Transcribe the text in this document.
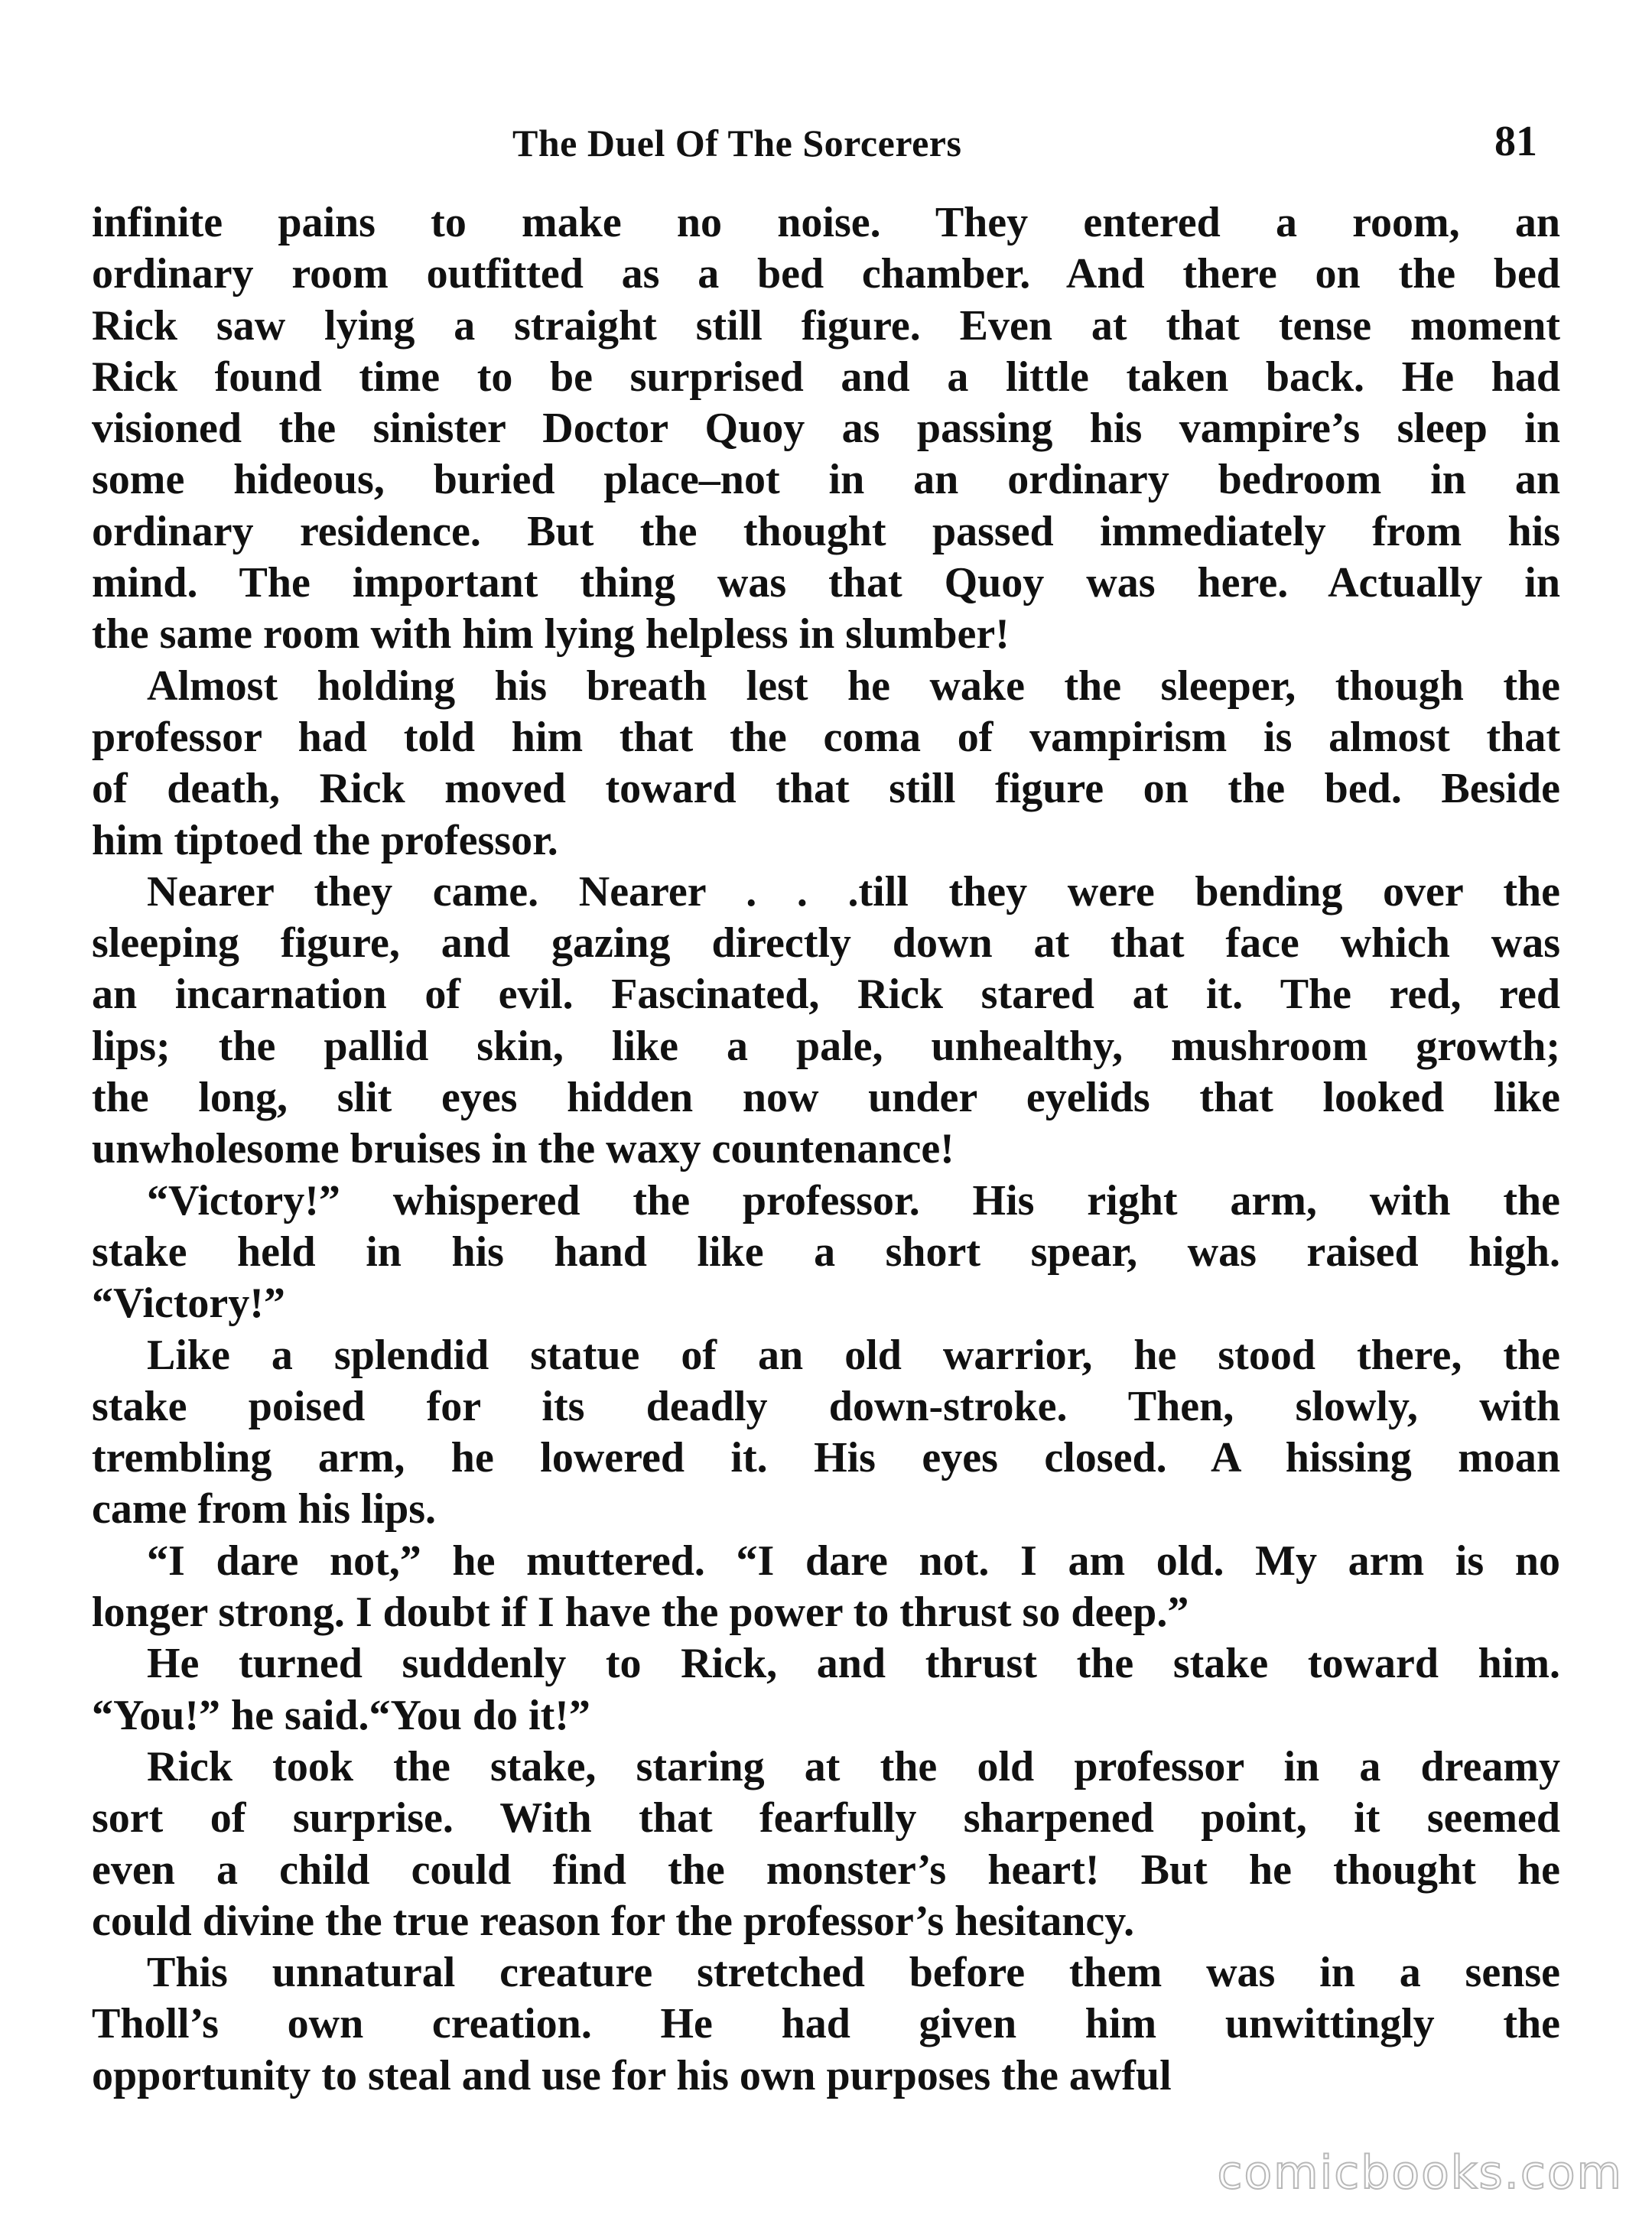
The Duel Of The Sorcerers	81
infinite pains to make no noise. They entered a room, an
ordinary room outfitted as a bed chamber. And there on the bed
Rick saw lying a straight still figure. Even at that tense moment
Rick found time to be surprised and a little taken back. He had
visioned the sinister Doctor Quoy as passing his vampire’s sleep in
some hideous, buried place–not in an ordinary bedroom in an
ordinary residence. But the thought passed immediately from his
mind. The important thing was that Quoy was here. Actually in
the same room with him lying helpless in slumber!
Almost holding his breath lest he wake the sleeper, though the
professor had told him that the coma of vampirism is almost that
of death, Rick moved toward that still figure on the bed. Beside
him tiptoed the professor.
Nearer they came. Nearer . . .till they were bending over the
sleeping figure, and gazing directly down at that face which was
an incarnation of evil. Fascinated, Rick stared at it. The red, red
lips; the pallid skin, like a pale, unhealthy, mushroom growth;
the long, slit eyes hidden now under eyelids that looked like
unwholesome bruises in the waxy countenance!
“Victory!” whispered the professor. His right arm, with the
stake held in his hand like a short spear, was raised high.
“Victory!”
Like a splendid statue of an old warrior, he stood there, the
stake poised for its deadly down-stroke. Then, slowly, with
trembling arm, he lowered it. His eyes closed. A hissing moan
came from his lips.
“I dare not,” he muttered. “I dare not. I am old. My arm is no
longer strong. I doubt if I have the power to thrust so deep.”
He turned suddenly to Rick, and thrust the stake toward him.
“You!” he said.“You do it!”
Rick took the stake, staring at the old professor in a dreamy
sort of surprise. With that fearfully sharpened point, it seemed
even a child could find the monster’s heart! But he thought he
could divine the true reason for the professor’s hesitancy.
This unnatural creature stretched before them was in a sense
Tholl’s own creation. He had given him unwittingly the
opportunity to steal and use for his own purposes the awful
comicbooks.com
